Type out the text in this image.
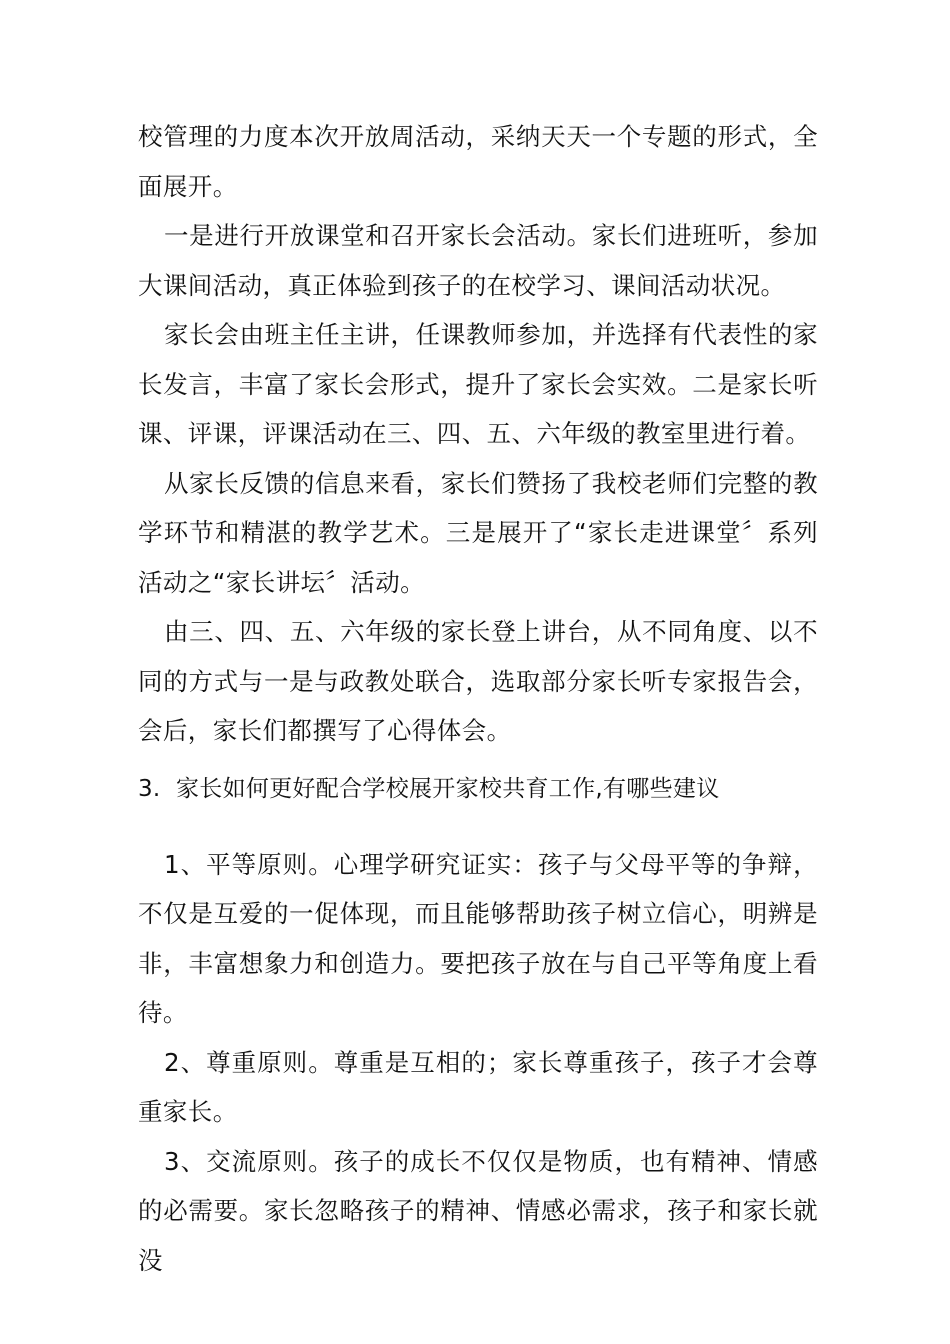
校管理的力度本次开放周活动，采纳天天一个专题的形式，全面展开。

一是进行开放课堂和召开家长会活动。家长们进班听，参加大课间活动，真正体验到孩子的在校学习、课间活动状况。

家长会由班主任主讲，任课教师参加，并选择有代表性的家长发言，丰富了家长会形式，提升了家长会实效。二是家长听课、评课，评课活动在三、四、五、六年级的教室里进行着。

从家长反馈的信息来看，家长们赞扬了我校老师们完整的教学环节和精湛的教学艺术。三是展开了“家长走进课堂〞系列活动之“家长讲坛〞活动。

由三、四、五、六年级的家长登上讲台，从不同角度、以不同的方式与一是与政教处联合，选取部分家长听专家报告会，会后，家长们都撰写了心得体会。

3. 家长如何更好配合学校展开家校共育工作,有哪些建议

1、平等原则。心理学研究证实：孩子与父母平等的争辩，不仅是互爱的一促体现，而且能够帮助孩子树立信心，明辨是非，丰富想象力和创造力。要把孩子放在与自己平等角度上看待。

2、尊重原则。尊重是互相的；家长尊重孩子，孩子才会尊重家长。

3、交流原则。孩子的成长不仅仅是物质，也有精神、情感的必需要。家长忽略孩子的精神、情感必需求，孩子和家长就没
